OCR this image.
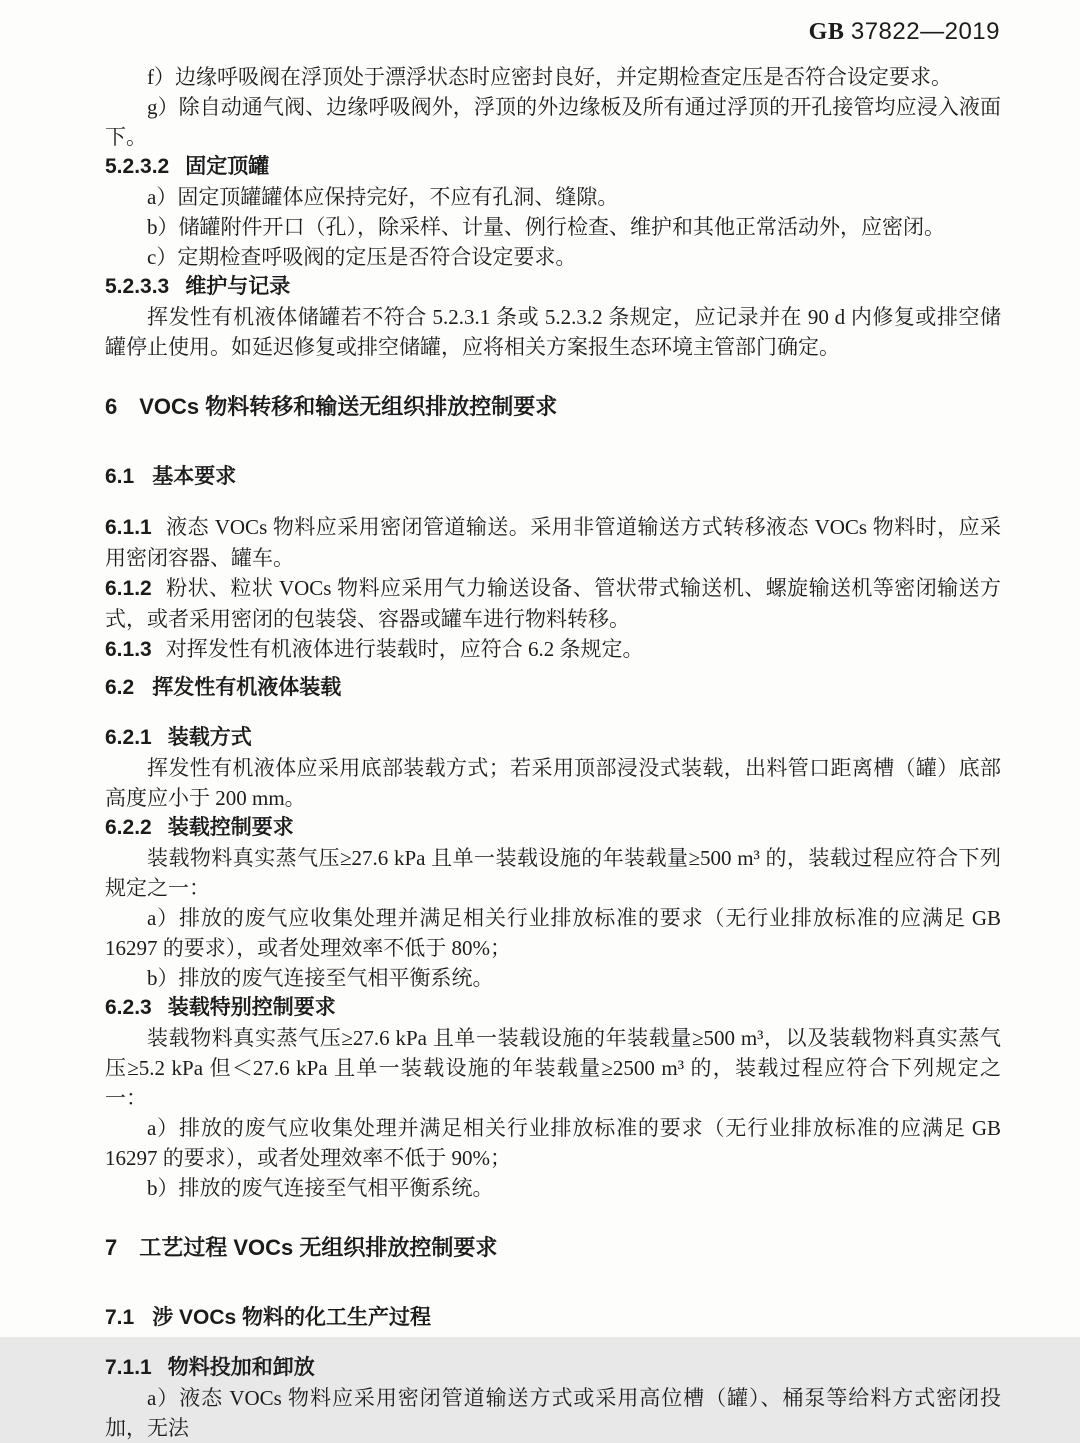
GB 37822—2019
f）边缘呼吸阀在浮顶处于漂浮状态时应密封良好，并定期检查定压是否符合设定要求。
g）除自动通气阀、边缘呼吸阀外，浮顶的外边缘板及所有通过浮顶的开孔接管均应浸入液面下。
5.2.3.2 固定顶罐
a）固定顶罐罐体应保持完好，不应有孔洞、缝隙。
b）储罐附件开口（孔），除采样、计量、例行检查、维护和其他正常活动外，应密闭。
c）定期检查呼吸阀的定压是否符合设定要求。
5.2.3.3 维护与记录
挥发性有机液体储罐若不符合 5.2.3.1 条或 5.2.3.2 条规定，应记录并在 90 d 内修复或排空储罐停止使用。如延迟修复或排空储罐，应将相关方案报生态环境主管部门确定。
6 VOCs 物料转移和输送无组织排放控制要求
6.1 基本要求
6.1.1 液态 VOCs 物料应采用密闭管道输送。采用非管道输送方式转移液态 VOCs 物料时，应采用密闭容器、罐车。
6.1.2 粉状、粒状 VOCs 物料应采用气力输送设备、管状带式输送机、螺旋输送机等密闭输送方式，或者采用密闭的包装袋、容器或罐车进行物料转移。
6.1.3 对挥发性有机液体进行装载时，应符合 6.2 条规定。
6.2 挥发性有机液体装载
6.2.1 装载方式
挥发性有机液体应采用底部装载方式；若采用顶部浸没式装载，出料管口距离槽（罐）底部高度应小于 200 mm。
6.2.2 装载控制要求
装载物料真实蒸气压≥27.6 kPa 且单一装载设施的年装载量≥500 m³ 的，装载过程应符合下列规定之一：
a）排放的废气应收集处理并满足相关行业排放标准的要求（无行业排放标准的应满足 GB 16297 的要求），或者处理效率不低于 80%；
b）排放的废气连接至气相平衡系统。
6.2.3 装载特别控制要求
装载物料真实蒸气压≥27.6 kPa 且单一装载设施的年装载量≥500 m³，以及装载物料真实蒸气压≥5.2 kPa 但＜27.6 kPa 且单一装载设施的年装载量≥2500 m³ 的，装载过程应符合下列规定之一：
a）排放的废气应收集处理并满足相关行业排放标准的要求（无行业排放标准的应满足 GB 16297 的要求），或者处理效率不低于 90%；
b）排放的废气连接至气相平衡系统。
7 工艺过程 VOCs 无组织排放控制要求
7.1 涉 VOCs 物料的化工生产过程
7.1.1 物料投加和卸放
a）液态 VOCs 物料应采用密闭管道输送方式或采用高位槽（罐）、桶泵等给料方式密闭投加，无法
